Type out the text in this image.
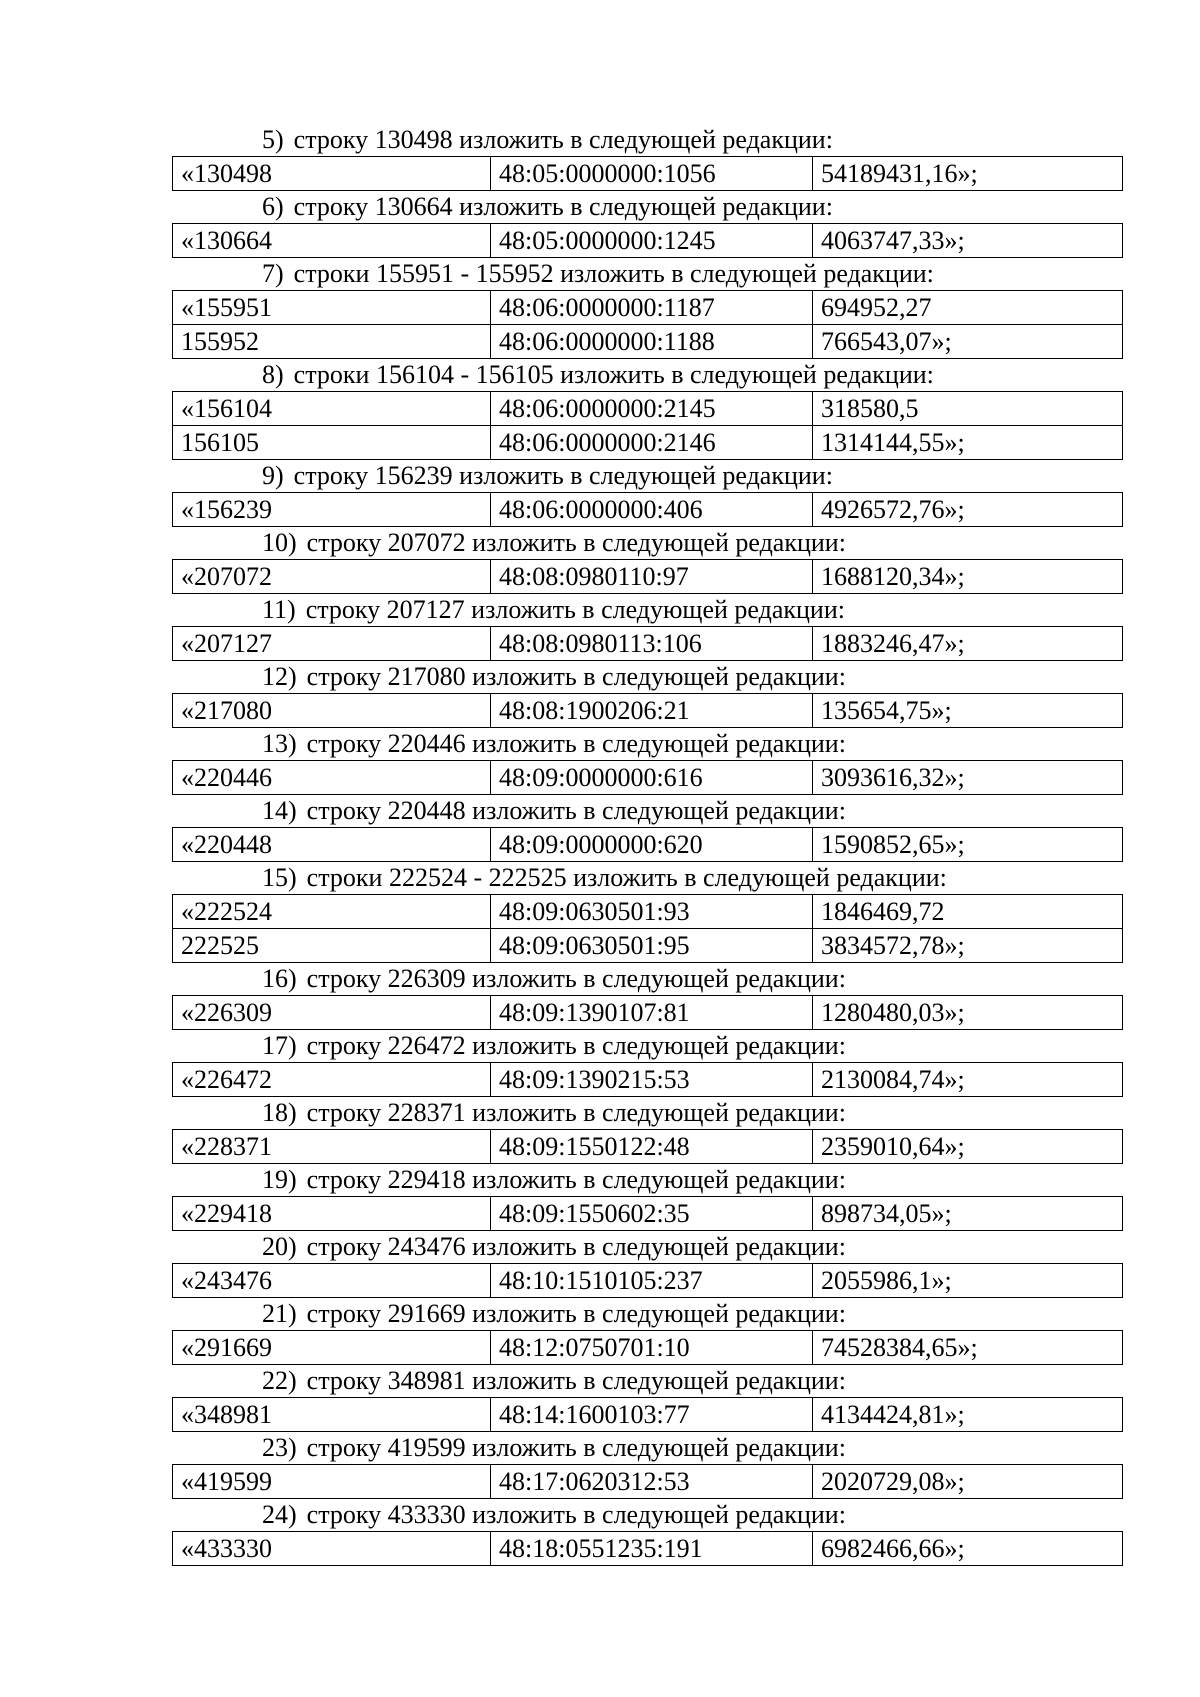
5) строку 130498 изложить в следующей редакции:
«130498	48:05:0000000:1056	54189431,16»;
6) строку 130664 изложить в следующей редакции:
«130664	48:05:0000000:1245	4063747,33»;
7) строки 155951 - 155952 изложить в следующей редакции:
«155951	48:06:0000000:1187	694952,27
155952	48:06:0000000:1188	766543,07»;
8) строки 156104 - 156105 изложить в следующей редакции:
«156104	48:06:0000000:2145	318580,5
156105	48:06:0000000:2146	1314144,55»;
9) строку 156239 изложить в следующей редакции:
«156239	48:06:0000000:406	4926572,76»;
10) строку 207072 изложить в следующей редакции:
«207072	48:08:0980110:97	1688120,34»;
11) строку 207127 изложить в следующей редакции:
«207127	48:08:0980113:106	1883246,47»;
12) строку 217080 изложить в следующей редакции:
«217080	48:08:1900206:21	135654,75»;
13) строку 220446 изложить в следующей редакции:
«220446	48:09:0000000:616	3093616,32»;
14) строку 220448 изложить в следующей редакции:
«220448	48:09:0000000:620	1590852,65»;
15) строки 222524 - 222525 изложить в следующей редакции:
«222524	48:09:0630501:93	1846469,72
222525	48:09:0630501:95	3834572,78»;
16) строку 226309 изложить в следующей редакции:
«226309	48:09:1390107:81	1280480,03»;
17) строку 226472 изложить в следующей редакции:
«226472	48:09:1390215:53	2130084,74»;
18) строку 228371 изложить в следующей редакции:
«228371	48:09:1550122:48	2359010,64»;
19) строку 229418 изложить в следующей редакции:
«229418	48:09:1550602:35	898734,05»;
20) строку 243476 изложить в следующей редакции:
«243476	48:10:1510105:237	2055986,1»;
21) строку 291669 изложить в следующей редакции:
«291669	48:12:0750701:10	74528384,65»;
22) строку 348981 изложить в следующей редакции:
«348981	48:14:1600103:77	4134424,81»;
23) строку 419599 изложить в следующей редакции:
«419599	48:17:0620312:53	2020729,08»;
24) строку 433330 изложить в следующей редакции:
«433330	48:18:0551235:191	6982466,66»;
